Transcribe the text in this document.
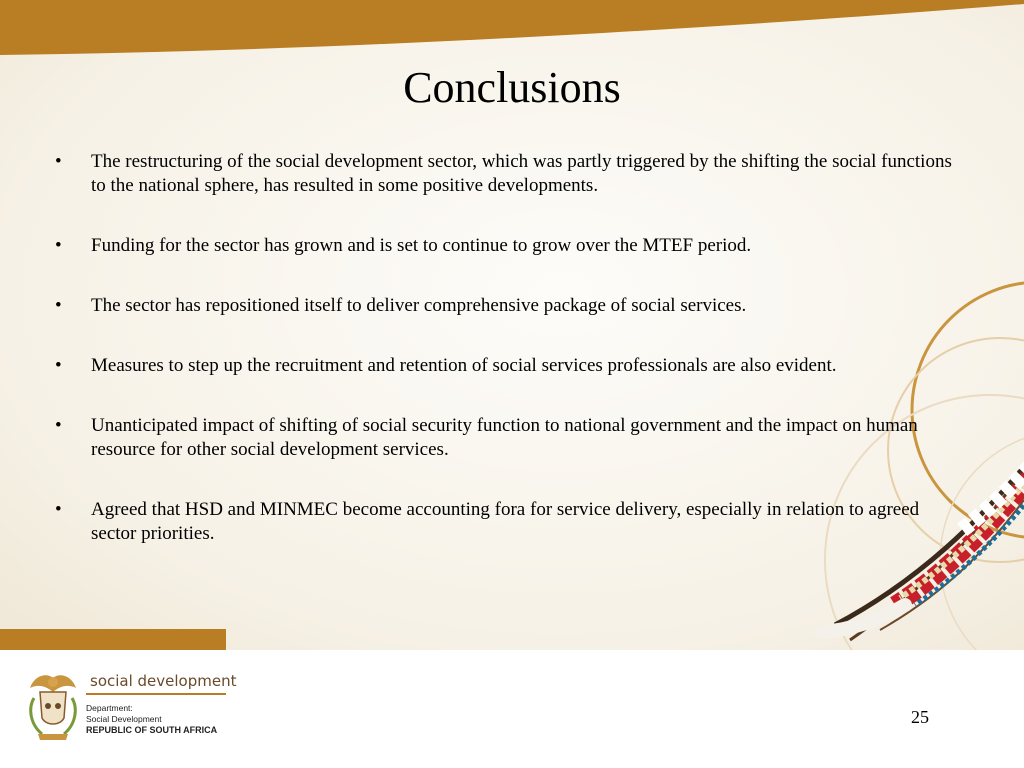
Conclusions
• The restructuring of the social development sector, which was partly triggered by the shifting the social functions to the national sphere, has resulted in some positive developments.
• Funding for the sector has grown and is set to continue to grow over the MTEF period.
• The sector has repositioned itself to deliver comprehensive package of social services.
• Measures to step up the recruitment and retention of social services professionals are also evident.
• Unanticipated impact of shifting of social security function to national government and the impact on human resource for other social development services.
• Agreed that HSD and MINMEC become accounting fora for service delivery, especially in relation to agreed sector priorities.
social development
Department:
Social Development
REPUBLIC OF SOUTH AFRICA
25
